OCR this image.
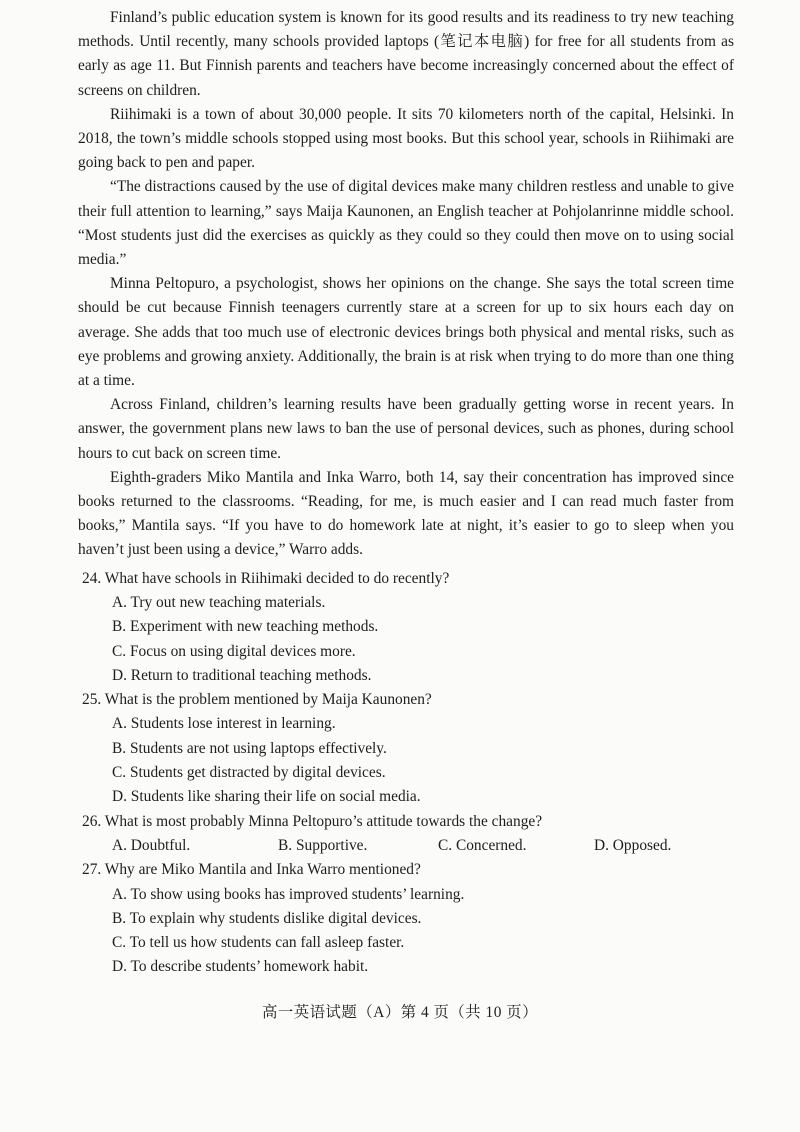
Finland’s public education system is known for its good results and its readiness to try new teaching methods. Until recently, many schools provided laptops (笔记本电脑) for free for all students from as early as age 11. But Finnish parents and teachers have become increasingly concerned about the effect of screens on children.

Riihimaki is a town of about 30,000 people. It sits 70 kilometers north of the capital, Helsinki. In 2018, the town’s middle schools stopped using most books. But this school year, schools in Riihimaki are going back to pen and paper.

“The distractions caused by the use of digital devices make many children restless and unable to give their full attention to learning,” says Maija Kaunonen, an English teacher at Pohjolanrinne middle school. “Most students just did the exercises as quickly as they could so they could then move on to using social media.”

Minna Peltopuro, a psychologist, shows her opinions on the change. She says the total screen time should be cut because Finnish teenagers currently stare at a screen for up to six hours each day on average. She adds that too much use of electronic devices brings both physical and mental risks, such as eye problems and growing anxiety. Additionally, the brain is at risk when trying to do more than one thing at a time.

Across Finland, children’s learning results have been gradually getting worse in recent years. In answer, the government plans new laws to ban the use of personal devices, such as phones, during school hours to cut back on screen time.

Eighth-graders Miko Mantila and Inka Warro, both 14, say their concentration has improved since books returned to the classrooms. “Reading, for me, is much easier and I can read much faster from books,” Mantila says. “If you have to do homework late at night, it’s easier to go to sleep when you haven’t just been using a device,” Warro adds.

24. What have schools in Riihimaki decided to do recently?

A. Try out new teaching materials.

B. Experiment with new teaching methods.

C. Focus on using digital devices more.

D. Return to traditional teaching methods.

25. What is the problem mentioned by Maija Kaunonen?

A. Students lose interest in learning.

B. Students are not using laptops effectively.

C. Students get distracted by digital devices.

D. Students like sharing their life on social media.

26. What is most probably Minna Peltopuro’s attitude towards the change?

A. Doubtful.	B. Supportive.	C. Concerned.	D. Opposed.

27. Why are Miko Mantila and Inka Warro mentioned?

A. To show using books has improved students’ learning.

B. To explain why students dislike digital devices.

C. To tell us how students can fall asleep faster.

D. To describe students’ homework habit.

高一英语试题（A）第 4 页（共 10 页）
